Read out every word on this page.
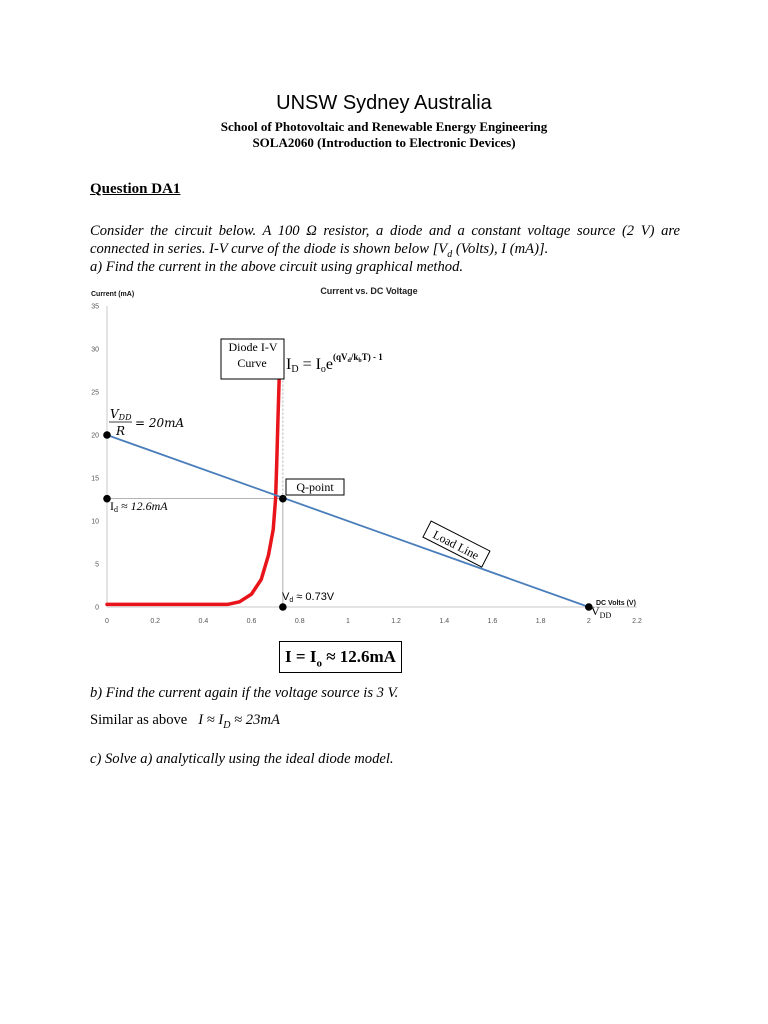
UNSW Sydney Australia
School of Photovoltaic and Renewable Energy Engineering
SOLA2060 (Introduction to Electronic Devices)
Question DA1
Consider the circuit below. A 100 Ω resistor, a diode and a constant voltage source (2 V) are
connected in series. I-V curve of the diode is shown below [$V_d$ (Volts), I (mA)].
a) Find the current in the above circuit using graphical method.
Current vs. DC Voltage
Current (mA)
0
5
10
15
20
25
30
35
0	0.2	0.4	0.6	0.8	1	1.2	1.4	1.6	1.8	2	2.2
Diode I-V
Curve ID = Ioe$^{(qV}$d/kbT) - 1
VDD
R
= 20mA
Q-point
Id ≈ 12.6mA
Vd ≈ 0.73V
Load Line
$V_{DD}$
DC Volts (V)
$I = I_o \approx 12.6mA$
b) Find the current again if the voltage source is 3 V.
Similar as above $I \approx I_D \approx 23mA$
c) Solve a) analytically using the ideal diode model.
